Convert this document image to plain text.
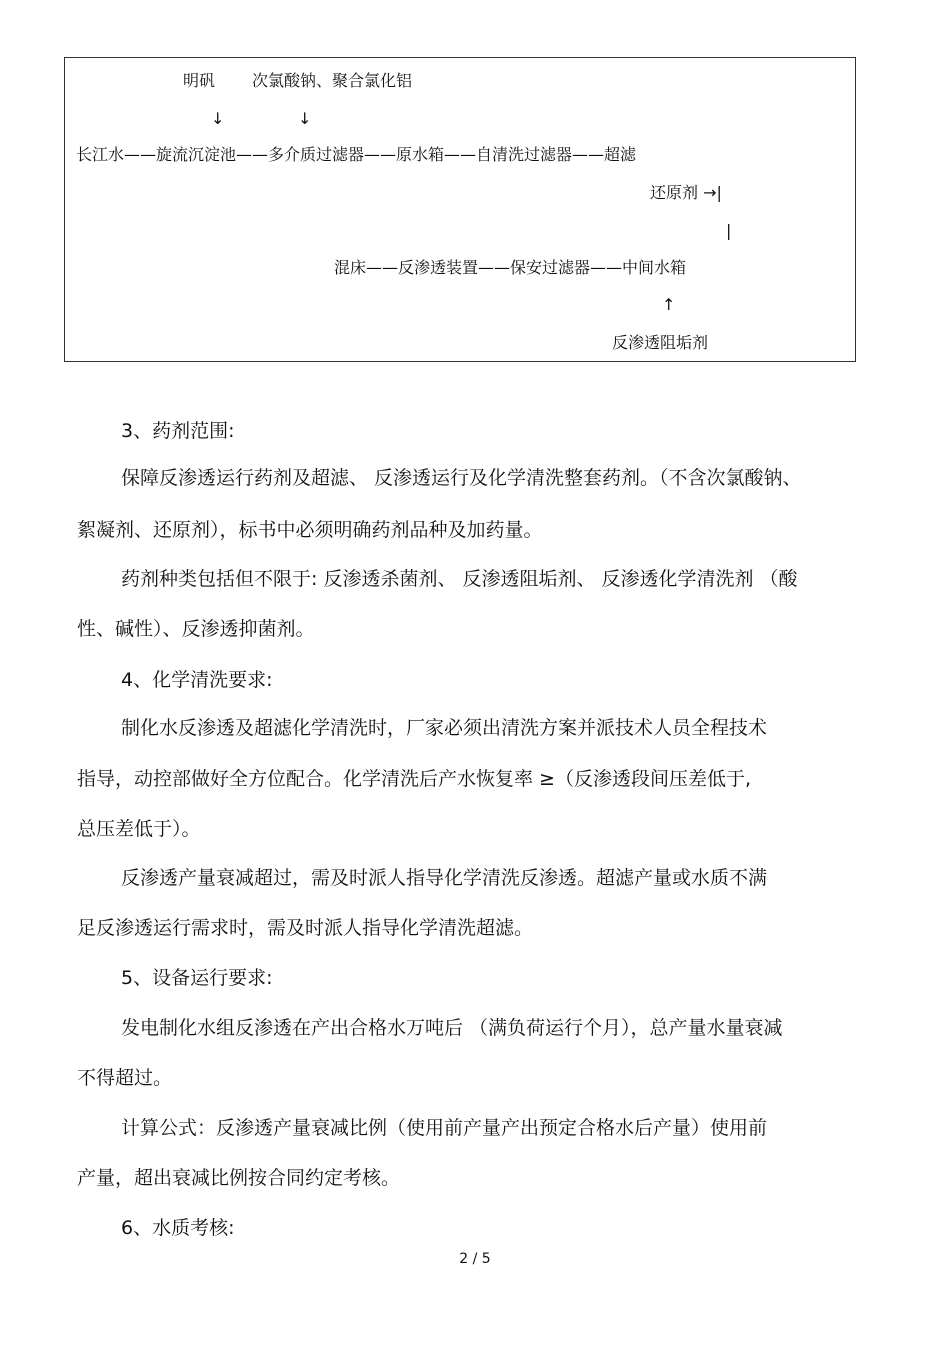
明矾 次氯酸钠、聚合氯化铝
↓	↓
长江水——旋流沉淀池——多介质过滤器——原水箱——自清洗过滤器——超滤
还原剂 →|
|
混床——反渗透装置——保安过滤器——中间水箱
↑
反渗透阻垢剂
3、药剂范围:
保障反渗透运行药剂及超滤、 反渗透运行及化学清洗整套药剂。（不含次氯酸钠、
絮凝剂、还原剂），标书中必须明确药剂品种及加药量。
药剂种类包括但不限于: 反渗透杀菌剂、 反渗透阻垢剂、 反渗透化学清洗剂 （酸
性、碱性）、反渗透抑菌剂。
4、化学清洗要求:
制化水反渗透及超滤化学清洗时，厂家必须出清洗方案并派技术人员全程技术
指导，动控部做好全方位配合。化学清洗后产水恢复率 ≥（反渗透段间压差低于,
总压差低于）。
反渗透产量衰减超过，需及时派人指导化学清洗反渗透。超滤产量或水质不满
足反渗透运行需求时，需及时派人指导化学清洗超滤。
5、设备运行要求:
发电制化水组反渗透在产出合格水万吨后 （满负荷运行个月），总产量水量衰减
不得超过。
计算公式：反渗透产量衰减比例（使用前产量产出预定合格水后产量）使用前
产量，超出衰减比例按合同约定考核。
6、水质考核:
2 / 5
